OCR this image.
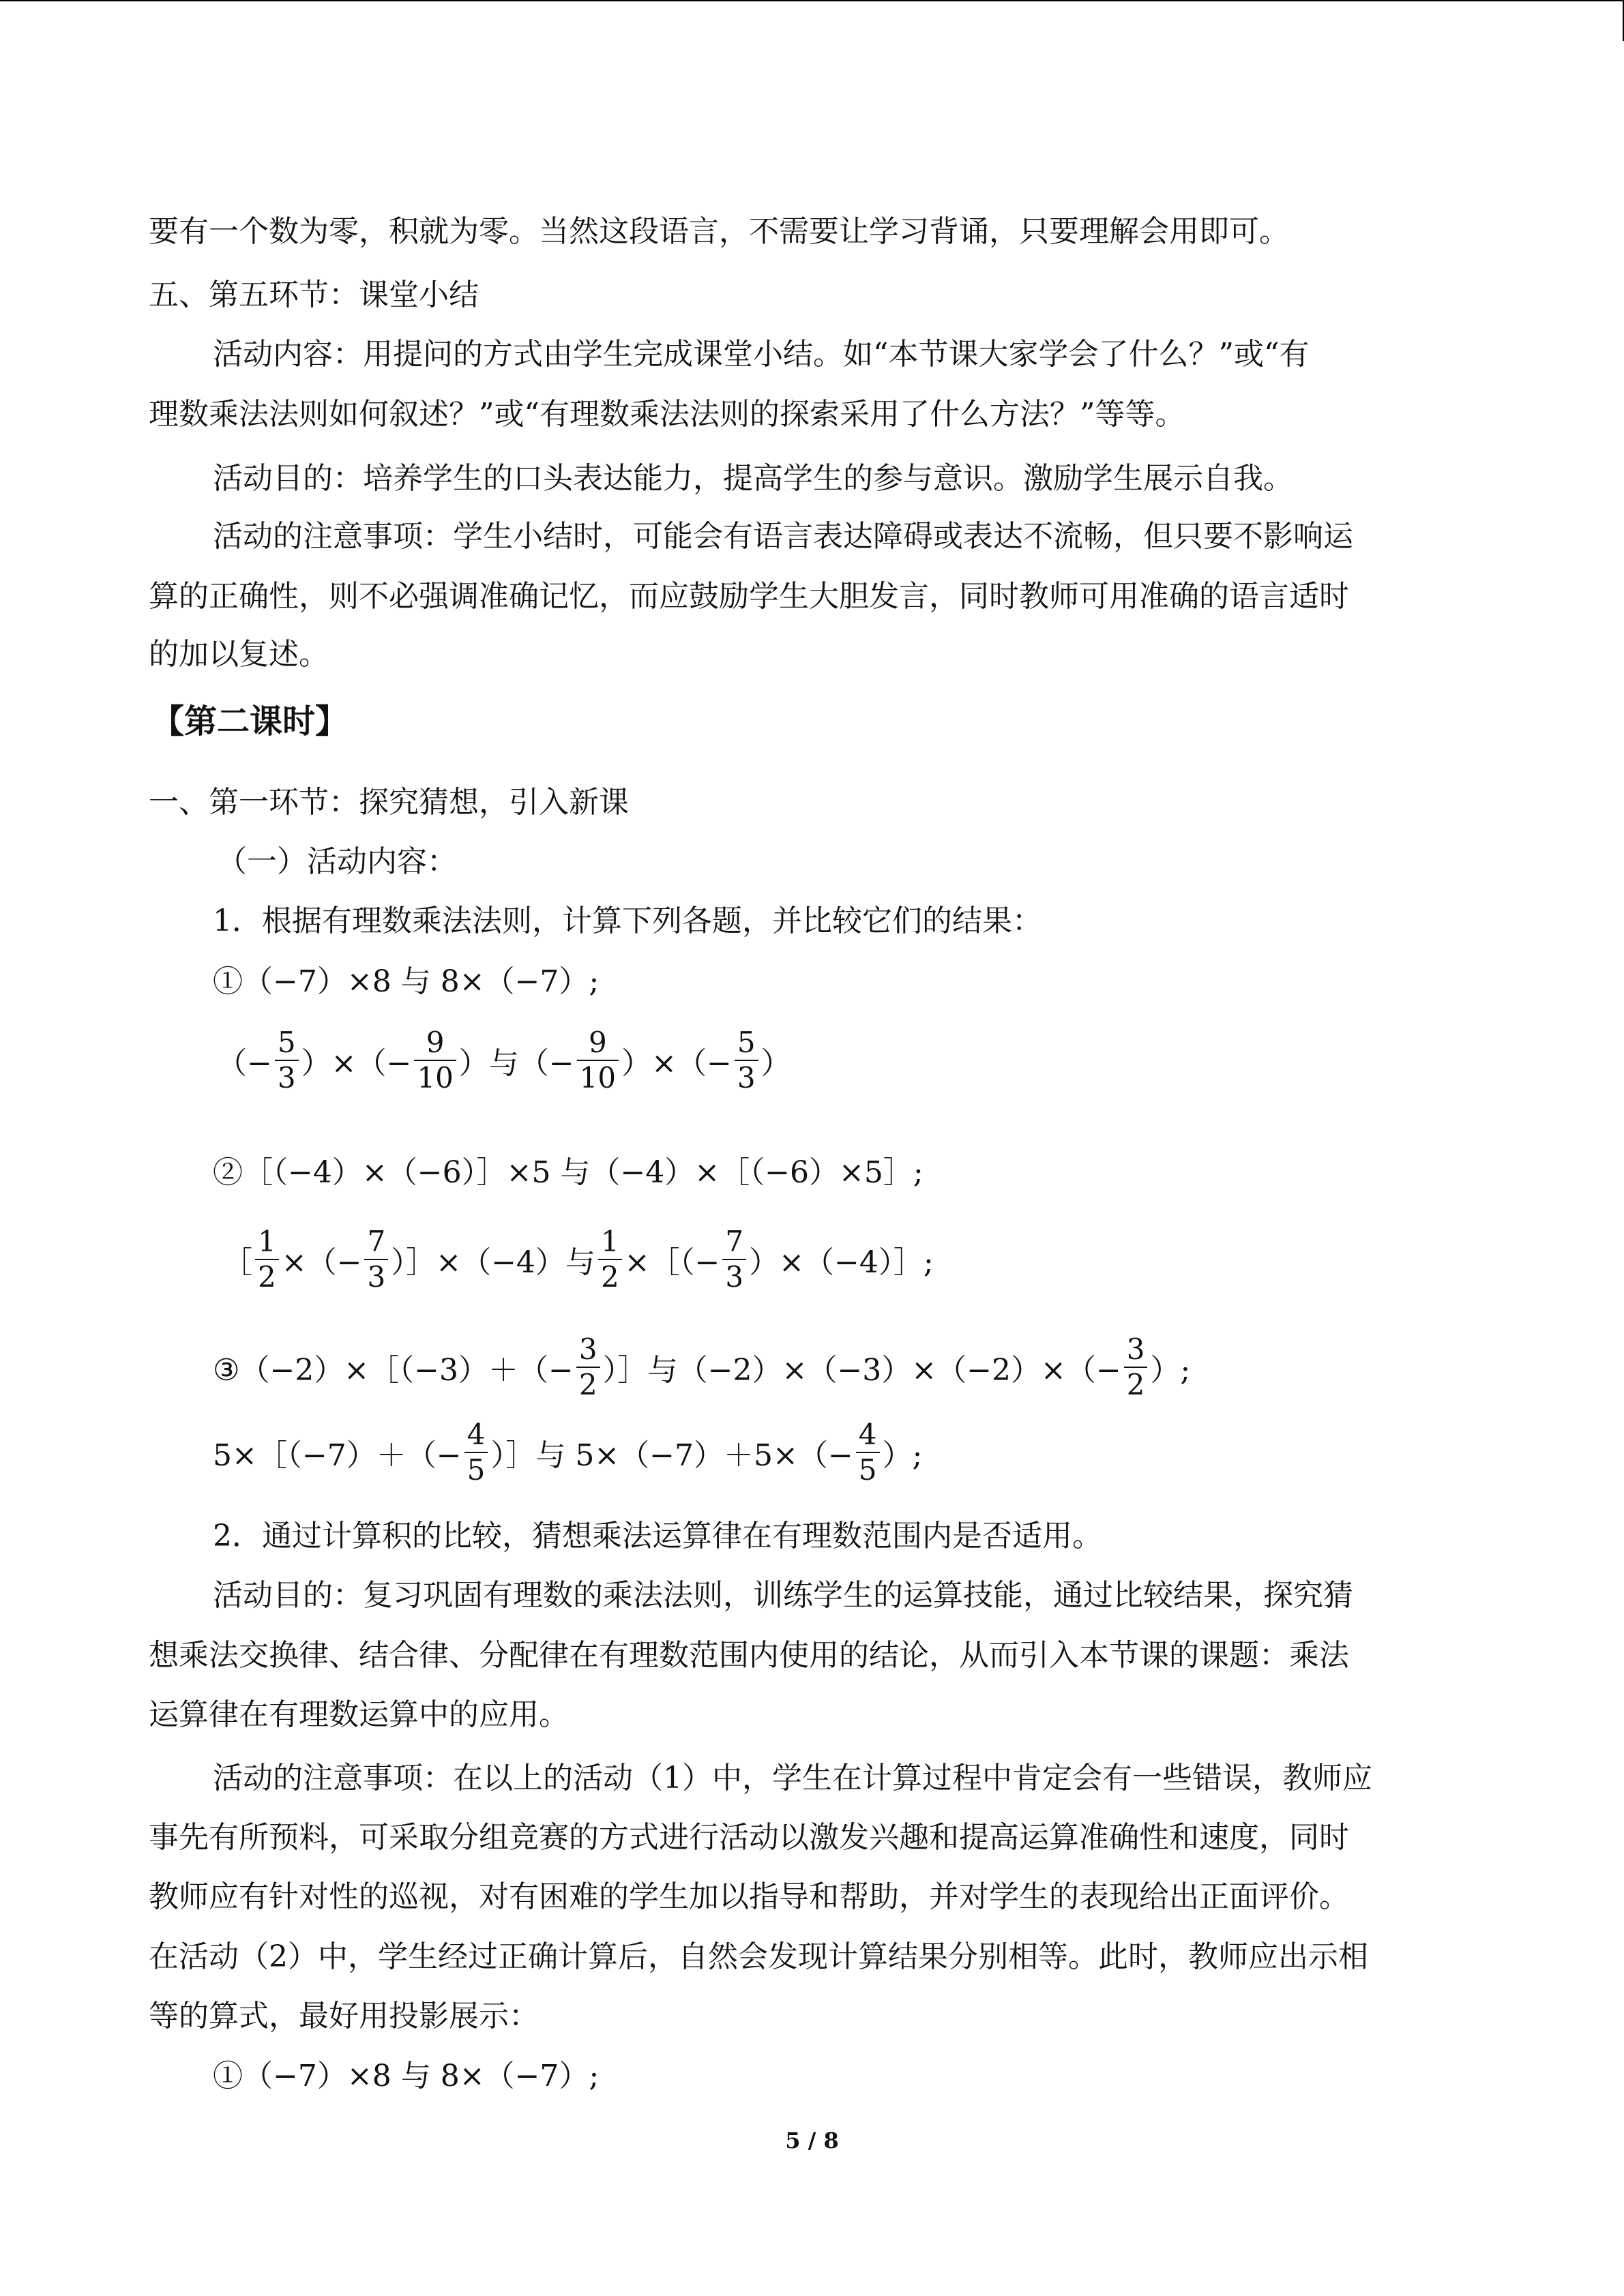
要有一个数为零，积就为零。当然这段语言，不需要让学习背诵，只要理解会用即可。
五、第五环节：课堂小结
活动内容：用提问的方式由学生完成课堂小结。如“本节课大家学会了什么？”或“有
理数乘法法则如何叙述？”或“有理数乘法法则的探索采用了什么方法？”等等。
活动目的：培养学生的口头表达能力，提高学生的参与意识。激励学生展示自我。
活动的注意事项：学生小结时，可能会有语言表达障碍或表达不流畅，但只要不影响运
算的正确性，则不必强调准确记忆，而应鼓励学生大胆发言，同时教师可用准确的语言适时
的加以复述。
【第二课时】
一、第一环节：探究猜想，引入新课
（一）活动内容：
1．根据有理数乘法法则，计算下列各题，并比较它们的结果：
①（−7）×8 与 8×（−7）;
（− $\frac{5}{3}$ ）×（− $\frac{9}{10}$ ）与（− $\frac{9}{10}$ ）×（− $\frac{5}{3}$ ）
②［（−4）×（−6）］×5 与（−4）×［（−6）×5］;
［ $\frac{1}{2}$ ×（− $\frac{7}{3}$ ）］×（−4）与 $\frac{1}{2}$ ×［（− $\frac{7}{3}$ ）×（−4）］;
③（−2）×［（−3）＋（− $\frac{3}{2}$ ）］与$(-2)\times(-3)\times(-2)\times(- \frac{3}{2}$ ）;
5×［（−7）＋（− $\frac{4}{5}$ ）］与 $5\times(-7)+5\times(- \frac{4}{5}$ ）;
2．通过计算积的比较，猜想乘法运算律在有理数范围内是否适用。
活动目的：复习巩固有理数的乘法法则，训练学生的运算技能，通过比较结果，探究猜
想乘法交换律、结合律、分配律在有理数范围内使用的结论，从而引入本节课的课题：乘法
运算律在有理数运算中的应用。
活动的注意事项：在以上的活动（1）中，学生在计算过程中肯定会有一些错误，教师应
事先有所预料，可采取分组竞赛的方式进行活动以激发兴趣和提高运算准确性和速度，同时
教师应有针对性的巡视，对有困难的学生加以指导和帮助，并对学生的表现给出正面评价。
在活动（2）中，学生经过正确计算后，自然会发现计算结果分别相等。此时，教师应出示相
等的算式，最好用投影展示：
①（−7）×8 与 8×（−7）;
5 / 8
